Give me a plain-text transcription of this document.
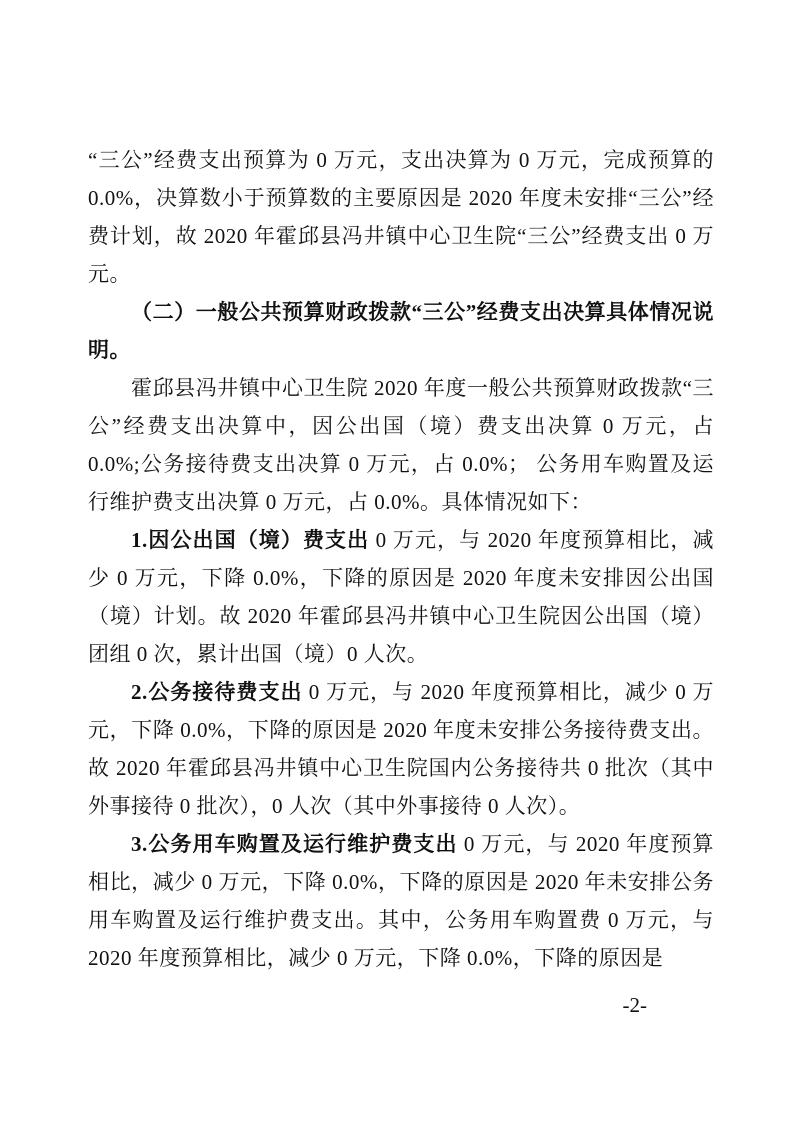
“三公”经费支出预算为 0 万元，支出决算为 0 万元，完成预算的 0.0%，决算数小于预算数的主要原因是 2020 年度未安排“三公”经费计划，故 2020 年霍邱县冯井镇中心卫生院“三公”经费支出 0 万元。

（二）一般公共预算财政拨款“三公”经费支出决算具体情况说明。

霍邱县冯井镇中心卫生院 2020 年度一般公共预算财政拨款“三公”经费支出决算中，因公出国（境）费支出决算 0 万元，占 0.0%;公务接待费支出决算 0 万元，占 0.0%； 公务用车购置及运行维护费支出决算 0 万元，占 0.0%。具体情况如下：

1.因公出国（境）费支出 0 万元，与 2020 年度预算相比，减少 0 万元，下降 0.0%，下降的原因是 2020 年度未安排因公出国（境）计划。故 2020 年霍邱县冯井镇中心卫生院因公出国（境）团组 0 次，累计出国（境）0 人次。

2.公务接待费支出 0 万元，与 2020 年度预算相比，减少 0 万元，下降 0.0%，下降的原因是 2020 年度未安排公务接待费支出。故 2020 年霍邱县冯井镇中心卫生院国内公务接待共 0 批次（其中外事接待 0 批次），0 人次（其中外事接待 0 人次）。

3.公务用车购置及运行维护费支出 0 万元，与 2020 年度预算相比，减少 0 万元，下降 0.0%，下降的原因是 2020 年未安排公务用车购置及运行维护费支出。其中，公务用车购置费 0 万元，与 2020 年度预算相比，减少 0 万元，下降 0.0%，下降的原因是

-2-
